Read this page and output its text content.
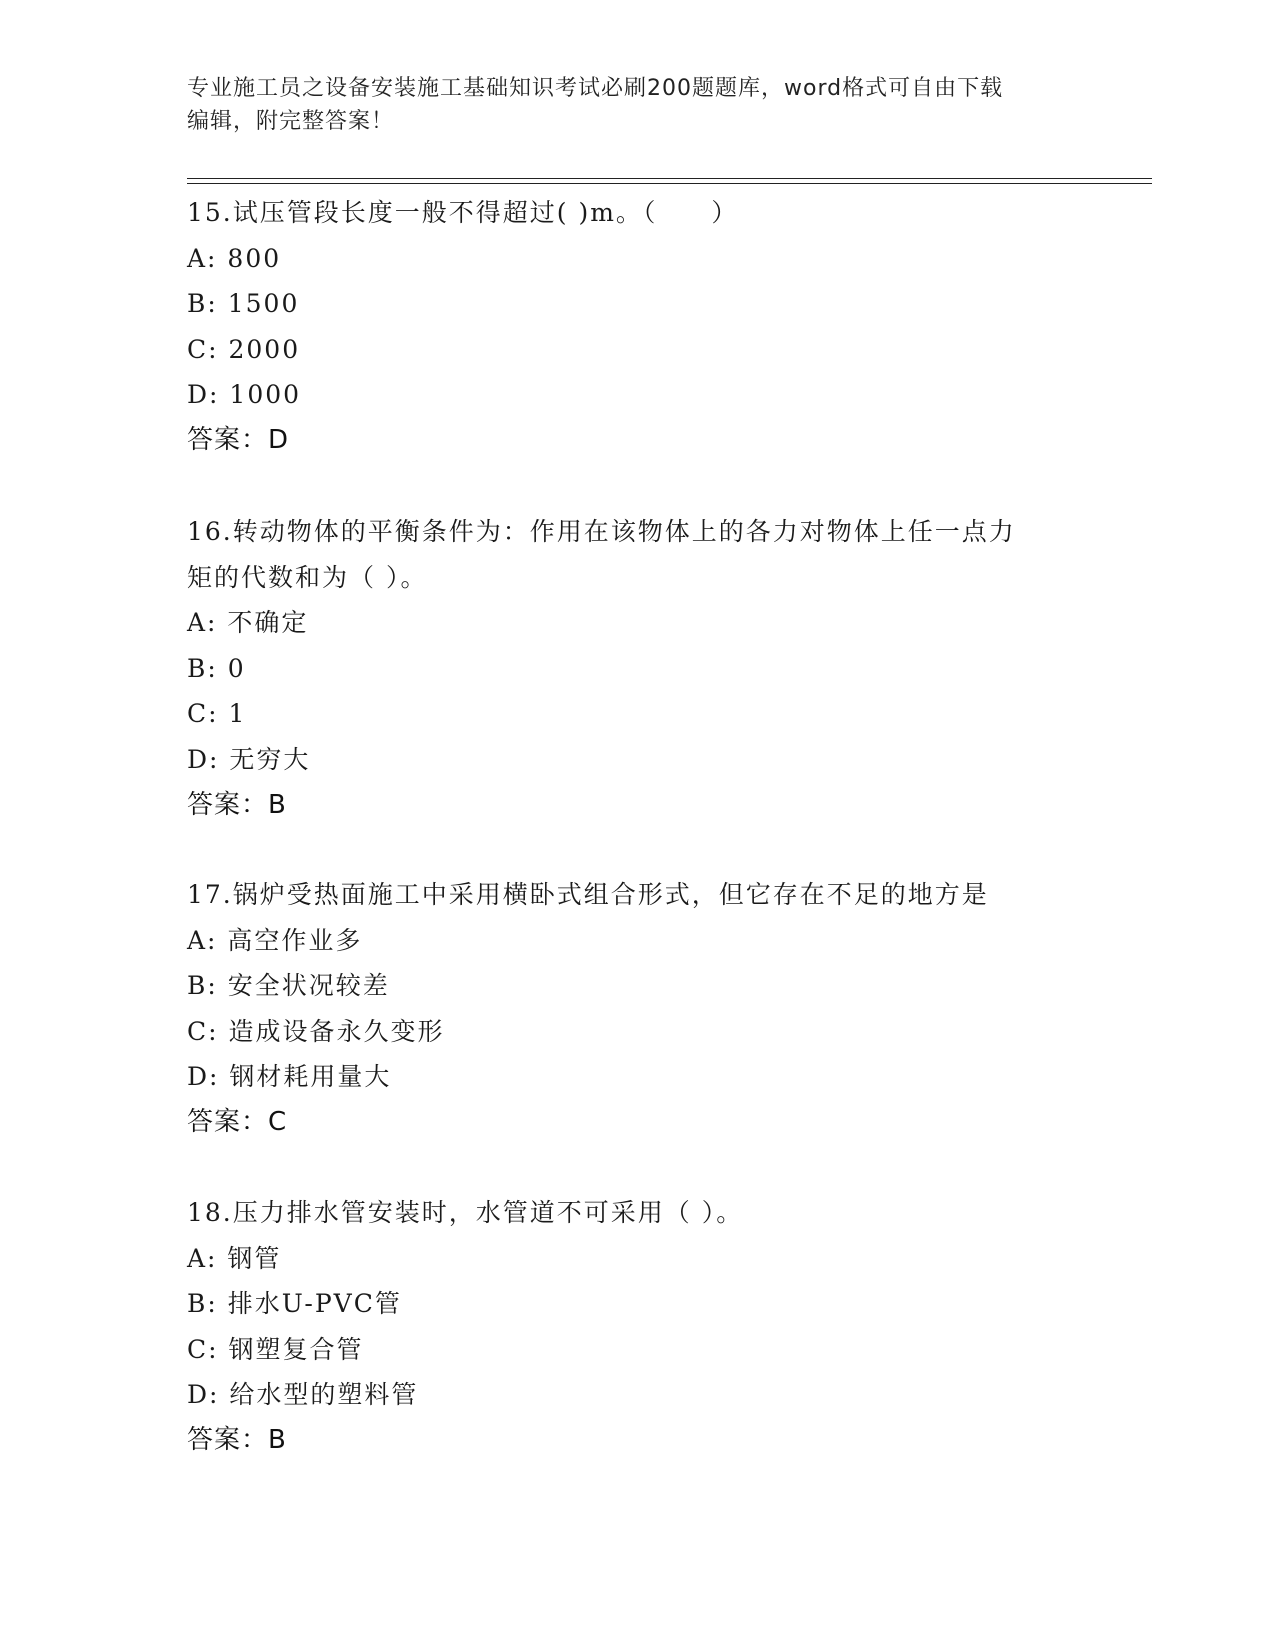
专业施工员之设备安装施工基础知识考试必刷200题题库，word格式可自由下载
编辑，附完整答案！
15.试压管段长度一般不得超过( )m。（　　）
A: 800
B: 1500
C: 2000
D: 1000
答案：D
16.转动物体的平衡条件为：作用在该物体上的各力对物体上任一点力
矩的代数和为（ ）。
A: 不确定
B: 0
C: 1
D: 无穷大
答案：B
17.锅炉受热面施工中采用横卧式组合形式，但它存在不足的地方是
A: 高空作业多
B: 安全状况较差
C: 造成设备永久变形
D: 钢材耗用量大
答案：C
18.压力排水管安装时，水管道不可采用（ ）。
A: 钢管
B: 排水U-PVC管
C: 钢塑复合管
D: 给水型的塑料管
答案：B
